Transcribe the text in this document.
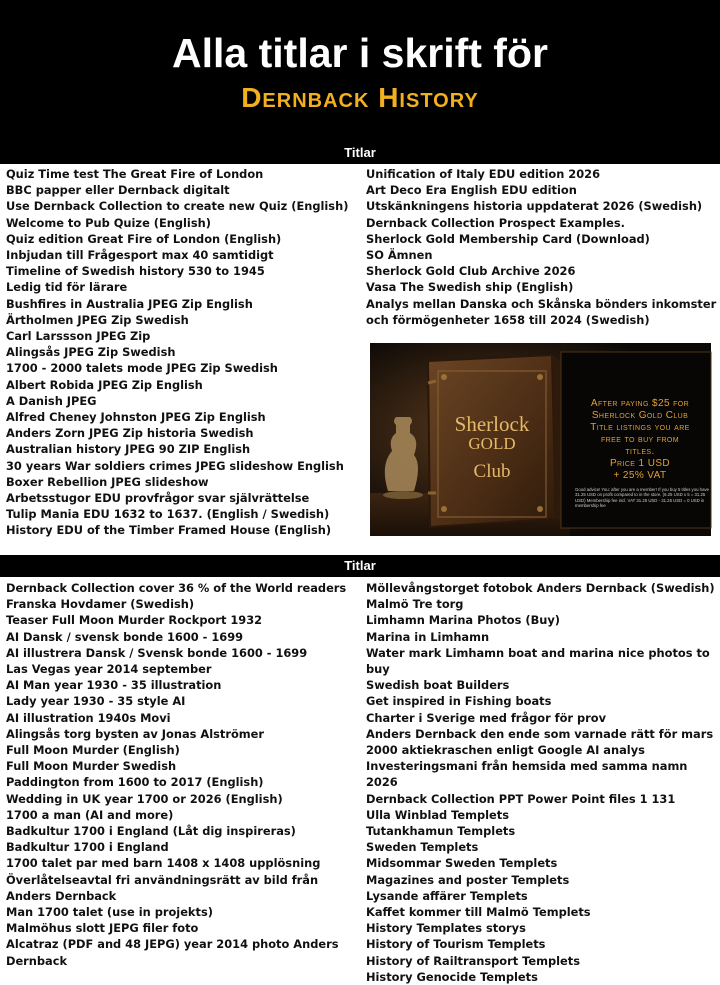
Alla titlar i skrift för
Dernback History
Titlar
Quiz Time test The Great Fire of London
BBC papper eller Dernback digitalt
Use Dernback Collection to create new Quiz (English)
Welcome to Pub Quize (English)
Quiz edition Great Fire of London (English)
Inbjudan till Frågesport max 40 samtidigt
Timeline of Swedish history 530 to 1945
Ledig tid för lärare
Bushfires in Australia JPEG Zip English
Ärtholmen JPEG Zip Swedish
Carl Larssson JPEG Zip
Alingsås JPEG Zip Swedish
1700 - 2000 talets mode JPEG Zip Swedish
Albert Robida JPEG Zip English
A Danish JPEG
Alfred Cheney Johnston JPEG Zip English
Anders Zorn JPEG Zip historia Swedish
Australian history JPEG 90 ZIP English
30 years War soldiers crimes JPEG slideshow English
Boxer Rebellion JPEG slideshow
Arbetsstugor EDU provfrågor svar självrättelse
Tulip Mania EDU 1632 to 1637. (English / Swedish)
History EDU of the Timber Framed House (English)
Unification of Italy EDU edition 2026
Art Deco Era English EDU edition
Utskänkningens historia uppdaterat 2026 (Swedish)
Dernback Collection Prospect Examples.
Sherlock Gold Membership Card (Download)
SO Ämnen
Sherlock Gold Club Archive 2026
Vasa The Swedish ship (English)
Analys mellan Danska och Skånska bönders inkomster och förmögenheter 1658 till 2024 (Swedish)
Sherlock
GOLD
Club
After paying $25 for
Sherlock Gold Club
Title listings you are
free to buy from
titles.
Price 1 USD
+ 25% VAT
Good advice! You: after you are a member! If you buy 5 titles you have 31.25 USD on profit compared to in the store. (6.25 USD x 5 = 31.25 USD) Membership fee incl. VAT 31.25 USD - 31.25 USD = 0 USD in membership fee
Titlar
Dernback Collection cover 36 % of the World readers
Franska Hovdamer (Swedish)
Teaser Full Moon Murder Rockport 1932
AI Dansk / svensk bonde 1600 - 1699
AI illustrera Dansk / Svensk bonde 1600 - 1699
Las Vegas year 2014 september
AI Man year 1930 - 35 illustration
Lady year 1930 - 35 style AI
AI illustration 1940s Movi
Alingsås torg bysten av Jonas Alströmer
Full Moon Murder (English)
Full Moon Murder Swedish
Paddington from 1600 to 2017 (English)
Wedding in UK year 1700 or 2026 (English)
1700 a man (AI and more)
Badkultur 1700 i England (Låt dig inspireras)
Badkultur 1700 i England
1700 talet par med barn 1408 x 1408 upplösning
Överlåtelseavtal fri användningsrätt av bild från Anders Dernback
Man 1700 talet (use in projekts)
Malmöhus slott JEPG filer foto
Alcatraz (PDF and 48 JEPG) year 2014 photo Anders Dernback
Möllevångstorget fotobok Anders Dernback (Swedish)
Malmö Tre torg
Limhamn Marina Photos (Buy)
Marina in Limhamn
Water mark Limhamn boat and marina nice photos to buy
Swedish boat Builders
Get inspired in Fishing boats
Charter i Sverige med frågor för prov
Anders Dernback den ende som varnade rätt för mars 2000 aktiekraschen enligt Google AI analys
Investeringsmani från hemsida med samma namn 2026
Dernback Collection PPT Power Point files 1 131
Ulla Winblad Templets
Tutankhamun Templets
Sweden Templets
Midsommar Sweden Templets
Magazines and poster Templets
Lysande affärer Templets
Kaffet kommer till Malmö Templets
History Templates storys
History of Tourism Templets
History of Railtransport Templets
History Genocide Templets
